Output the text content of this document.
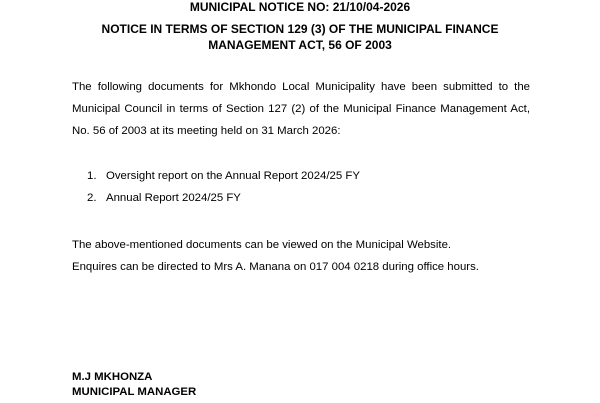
MUNICIPAL NOTICE NO: 21/10/04-2026

NOTICE IN TERMS OF SECTION 129 (3) OF THE MUNICIPAL FINANCE
MANAGEMENT ACT, 56 OF 2003

The following documents for Mkhondo Local Municipality have been submitted to the Municipal Council in terms of Section 127 (2) of the Municipal Finance Management Act, No. 56 of 2003 at its meeting held on 31 March 2026:

1. Oversight report on the Annual Report 2024/25 FY
2. Annual Report 2024/25 FY

The above-mentioned documents can be viewed on the Municipal Website.

Enquires can be directed to Mrs A. Manana on 017 004 0218 during office hours.

M.J MKHONZA
MUNICIPAL MANAGER
